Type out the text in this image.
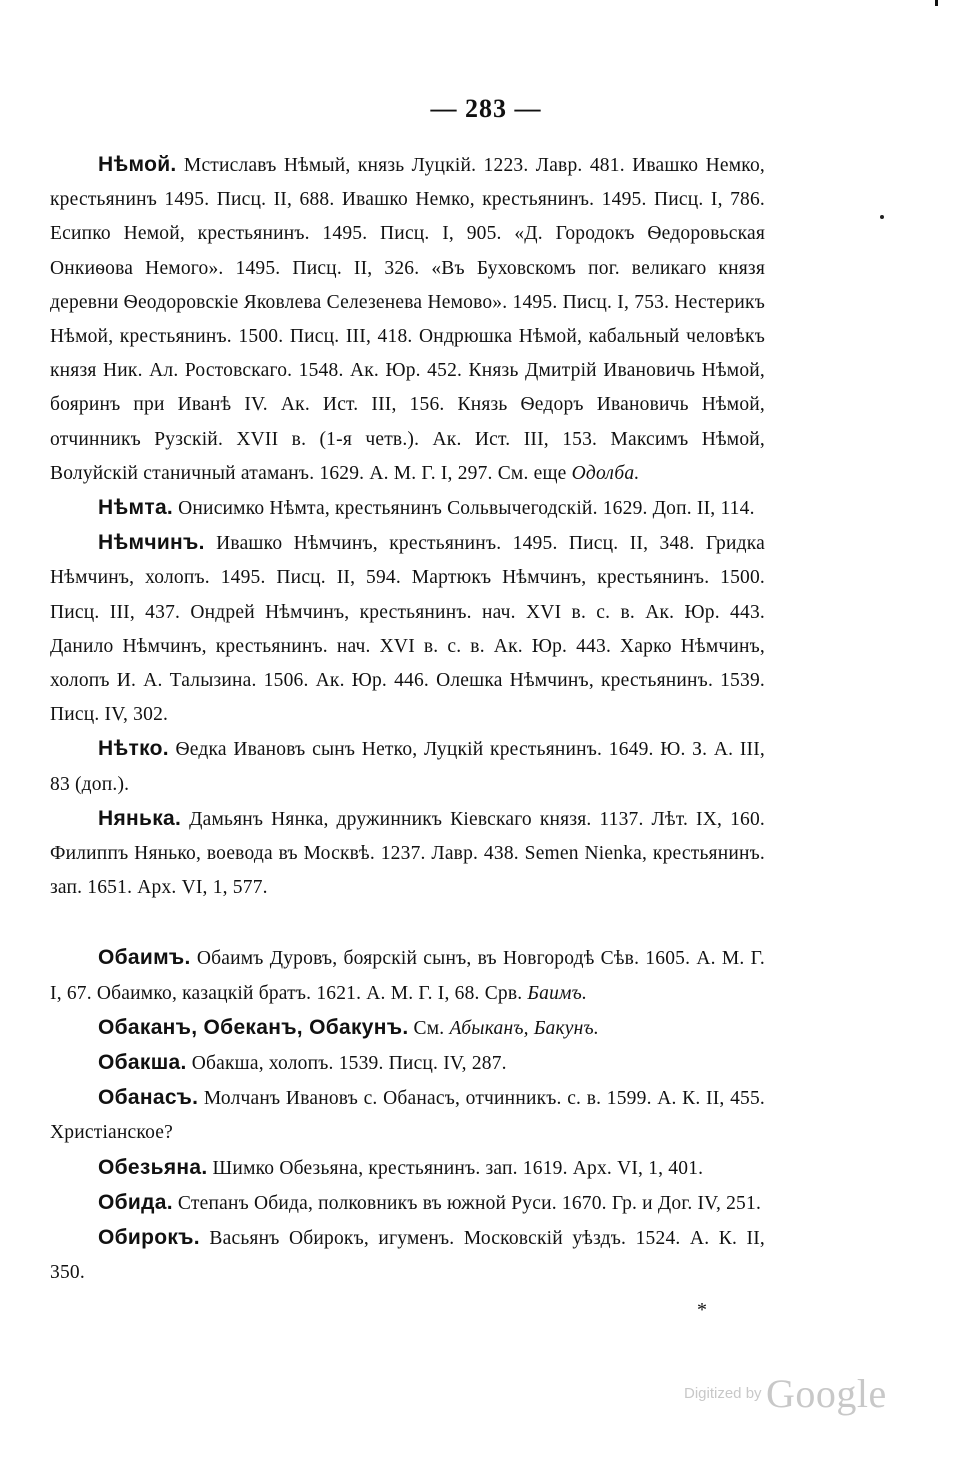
— 283 —

Нѣмой. Мстиславъ Нѣмый, князь Луцкій. 1223. Лавр. 481. Ивашко Немко, крестьянинъ 1495. Писц. II, 688. Ивашко Немко, крестьянинъ. 1495. Писц. I, 786. Есипко Немой, крестьянинъ. 1495. Писц. I, 905. «Д. Городокъ Ѳедоровьская Онкиѳова Немого». 1495. Писц. II, 326. «Въ Буховскомъ пог. великаго князя деревни Ѳеодоровскіе Яковлева Селезенева Немово». 1495. Писц. I, 753. Нестерикъ Нѣмой, крестьянинъ. 1500. Писц. III, 418. Ондрюшка Нѣмой, кабальный человѣкъ князя Ник. Ал. Ростовскаго. 1548. Ак. Юр. 452. Князь Дмитрій Ивановичь Нѣмой, бояринъ при Иванѣ IV. Ак. Ист. III, 156. Князь Ѳедоръ Ивановичь Нѣмой, отчинникъ Рузскій. XVII в. (1-я четв.). Ак. Ист. III, 153. Максимъ Нѣмой, Волуйскій станичный атаманъ. 1629. А. М. Г. I, 297. См. еще Одолба.

Нѣмта. Онисимко Нѣмта, крестьянинъ Сольвычегодскій. 1629. Доп. II, 114.

Нѣмчинъ. Ивашко Нѣмчинъ, крестьянинъ. 1495. Писц. II, 348. Гридка Нѣмчинъ, холопъ. 1495. Писц. II, 594. Мартюкъ Нѣмчинъ, крестьянинъ. 1500. Писц. III, 437. Ондрей Нѣмчинъ, крестьянинъ. нач. XVI в. с. в. Ак. Юр. 443. Данило Нѣмчинъ, крестьянинъ. нач. XVI в. с. в. Ак. Юр. 443. Харко Нѣмчинъ, холопъ И. А. Талызина. 1506. Ак. Юр. 446. Олешка Нѣмчинъ, крестьянинъ. 1539. Писц. IV, 302.

Нѣтко. Ѳедка Ивановъ сынъ Нетко, Луцкій крестьянинъ. 1649. Ю. З. А. III, 83 (доп.).

Нянька. Дамьянъ Нянка, дружинникъ Кіевскаго князя. 1137. Лѣт. IX, 160. Филиппъ Нянько, воевода въ Москвѣ. 1237. Лавр. 438. Semen Nienka, крестьянинъ. зап. 1651. Арх. VI, 1, 577.

Обаимъ. Обаимъ Дуровъ, боярскій сынъ, въ Новгородѣ Сѣв. 1605. А. М. Г. I, 67. Обаимко, казацкій братъ. 1621. А. М. Г. I, 68. Срв. Баимъ.

Обаканъ, Обеканъ, Обакунъ. См. Абыканъ, Бакунъ.

Обакша. Обакша, холопъ. 1539. Писц. IV, 287.

Обанасъ. Молчанъ Ивановъ с. Обанасъ, отчинникъ. с. в. 1599. А. К. II, 455. Христіанское?

Обезьяна. Шимко Обезьяна, крестьянинъ. зап. 1619. Арх. VI, 1, 401.

Обида. Степанъ Обида, полковникъ въ южной Руси. 1670. Гр. и Дог. IV, 251.

Обирокъ. Васьянъ Обирокъ, игуменъ. Московскій уѣздъ. 1524. А. К. II, 350.

*
Digitized by Google
